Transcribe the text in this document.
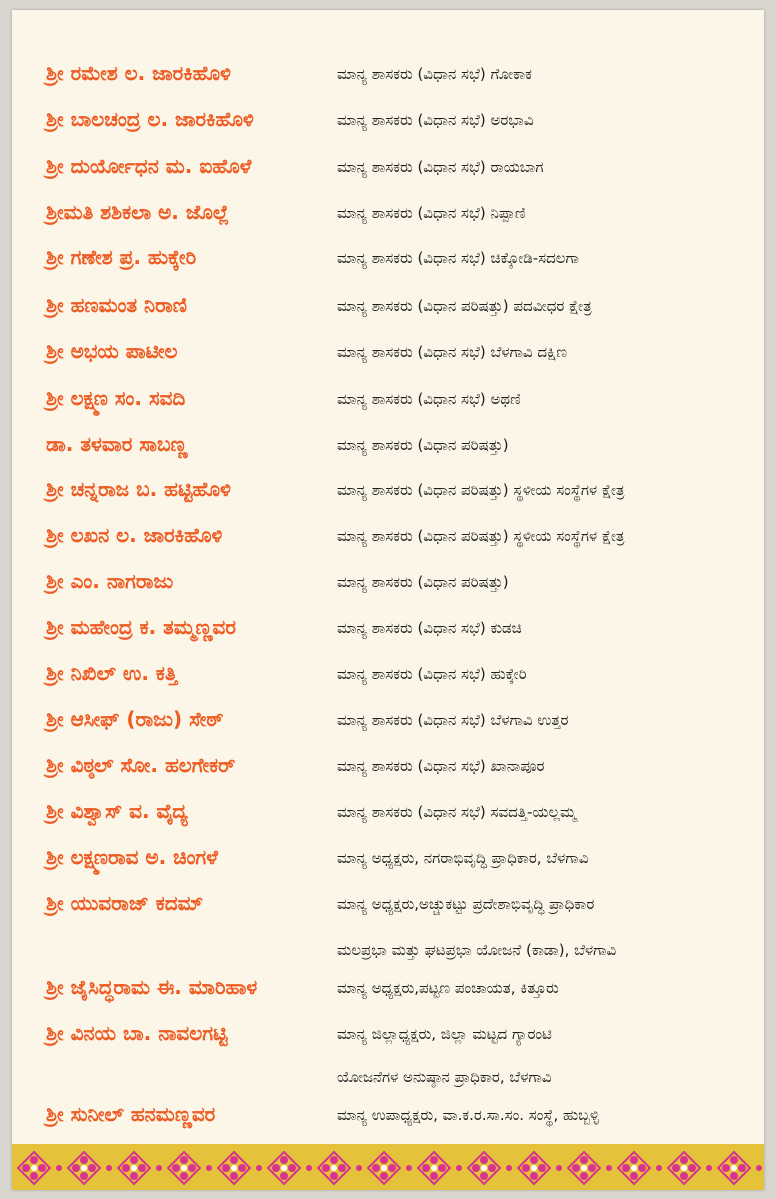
ಶ್ರೀ ರಮೇಶ ಲ. ಜಾರಕಿಹೊಳಿ	ಮಾನ್ಯ ಶಾಸಕರು (ವಿಧಾನ ಸಭೆ) ಗೋಕಾಕ
ಶ್ರೀ ಬಾಲಚಂದ್ರ ಲ. ಜಾರಕಿಹೊಳಿ	ಮಾನ್ಯ ಶಾಸಕರು (ವಿಧಾನ ಸಭೆ) ಅರಭಾವಿ
ಶ್ರೀ ದುರ್ಯೋಧನ ಮ. ಐಹೊಳೆ	ಮಾನ್ಯ ಶಾಸಕರು (ವಿಧಾನ ಸಭೆ) ರಾಯಬಾಗ
ಶ್ರೀಮತಿ ಶಶಿಕಲಾ ಅ. ಜೊಲ್ಲೆ	ಮಾನ್ಯ ಶಾಸಕರು (ವಿಧಾನ ಸಭೆ) ನಿಪ್ಪಾಣಿ
ಶ್ರೀ ಗಣೇಶ ಪ್ರ. ಹುಕ್ಕೇರಿ	ಮಾನ್ಯ ಶಾಸಕರು (ವಿಧಾನ ಸಭೆ) ಚಿಕ್ಕೋಡಿ-ಸದಲಗಾ
ಶ್ರೀ ಹಣಮಂತ ನಿರಾಣಿ	ಮಾನ್ಯ ಶಾಸಕರು (ವಿಧಾನ ಪರಿಷತ್ತು) ಪದವೀಧರ ಕ್ಷೇತ್ರ
ಶ್ರೀ ಅಭಯ ಪಾಟೀಲ	ಮಾನ್ಯ ಶಾಸಕರು (ವಿಧಾನ ಸಭೆ) ಬೆಳಗಾವಿ ದಕ್ಷಿಣ
ಶ್ರೀ ಲಕ್ಷ್ಮಣ ಸಂ. ಸವದಿ	ಮಾನ್ಯ ಶಾಸಕರು (ವಿಧಾನ ಸಭೆ) ಅಥಣಿ
ಡಾ. ತಳವಾರ ಸಾಬಣ್ಣ	ಮಾನ್ಯ ಶಾಸಕರು (ವಿಧಾನ ಪರಿಷತ್ತು)
ಶ್ರೀ ಚನ್ನರಾಜ ಬ. ಹಟ್ಟಿಹೊಳಿ	ಮಾನ್ಯ ಶಾಸಕರು (ವಿಧಾನ ಪರಿಷತ್ತು) ಸ್ಥಳೀಯ ಸಂಸ್ಥೆಗಳ ಕ್ಷೇತ್ರ
ಶ್ರೀ ಲಖನ ಲ. ಜಾರಕಿಹೊಳಿ	ಮಾನ್ಯ ಶಾಸಕರು (ವಿಧಾನ ಪರಿಷತ್ತು) ಸ್ಥಳೀಯ ಸಂಸ್ಥೆಗಳ ಕ್ಷೇತ್ರ
ಶ್ರೀ ಎಂ. ನಾಗರಾಜು	ಮಾನ್ಯ ಶಾಸಕರು (ವಿಧಾನ ಪರಿಷತ್ತು)
ಶ್ರೀ ಮಹೇಂದ್ರ ಕ. ತಮ್ಮಣ್ಣವರ	ಮಾನ್ಯ ಶಾಸಕರು (ವಿಧಾನ ಸಭೆ) ಕುಡಚಿ
ಶ್ರೀ ನಿಖಿಲ್ ಉ. ಕತ್ತಿ	ಮಾನ್ಯ ಶಾಸಕರು (ವಿಧಾನ ಸಭೆ) ಹುಕ್ಕೇರಿ
ಶ್ರೀ ಆಸೀಫ್ (ರಾಜು) ಸೇಠ್	ಮಾನ್ಯ ಶಾಸಕರು (ವಿಧಾನ ಸಭೆ) ಬೆಳಗಾವಿ ಉತ್ತರ
ಶ್ರೀ ವಿಠ್ಠಲ್ ಸೋ. ಹಲಗೇಕರ್	ಮಾನ್ಯ ಶಾಸಕರು (ವಿಧಾನ ಸಭೆ) ಖಾನಾಪೂರ
ಶ್ರೀ ವಿಶ್ವಾಸ್ ವ. ವೈದ್ಯ	ಮಾನ್ಯ ಶಾಸಕರು (ವಿಧಾನ ಸಭೆ) ಸವದತ್ತಿ-ಯಲ್ಲಮ್ಮ
ಶ್ರೀ ಲಕ್ಷ್ಮಣರಾವ ಅ. ಚಿಂಗಳೆ	ಮಾನ್ಯ ಅಧ್ಯಕ್ಷರು, ನಗರಾಭಿವೃದ್ಧಿ ಪ್ರಾಧಿಕಾರ, ಬೆಳಗಾವಿ
ಶ್ರೀ ಯುವರಾಜ್ ಕದಮ್	ಮಾನ್ಯ ಅಧ್ಯಕ್ಷರು,ಅಚ್ಚುಕಟ್ಟು ಪ್ರದೇಶಾಭಿವೃದ್ಧಿ ಪ್ರಾಧಿಕಾರ
ಮಲಪ್ರಭಾ ಮತ್ತು ಘಟಪ್ರಭಾ ಯೋಜನೆ (ಕಾಡಾ), ಬೆಳಗಾವಿ
ಶ್ರೀ ಜೈಸಿದ್ಧರಾಮ ಈ. ಮಾರಿಹಾಳ	ಮಾನ್ಯ ಅಧ್ಯಕ್ಷರು,ಪಟ್ಟಣ ಪಂಚಾಯತ, ಕಿತ್ತೂರು
ಶ್ರೀ ವಿನಯ ಬಾ. ನಾವಲಗಟ್ಟಿ	ಮಾನ್ಯ ಜಿಲ್ಲಾಧ್ಯಕ್ಷರು, ಜಿಲ್ಲಾ ಮಟ್ಟದ ಗ್ಯಾರಂಟಿ
ಯೋಜನೆಗಳ ಅನುಷ್ಠಾನ ಪ್ರಾಧಿಕಾರ, ಬೆಳಗಾವಿ
ಶ್ರೀ ಸುನೀಲ್ ಹನಮಣ್ಣವರ	ಮಾನ್ಯ ಉಪಾಧ್ಯಕ್ಷರು, ವಾ.ಕ.ರ.ಸಾ.ಸಂ. ಸಂಸ್ಥೆ, ಹುಬ್ಬಳ್ಳಿ
